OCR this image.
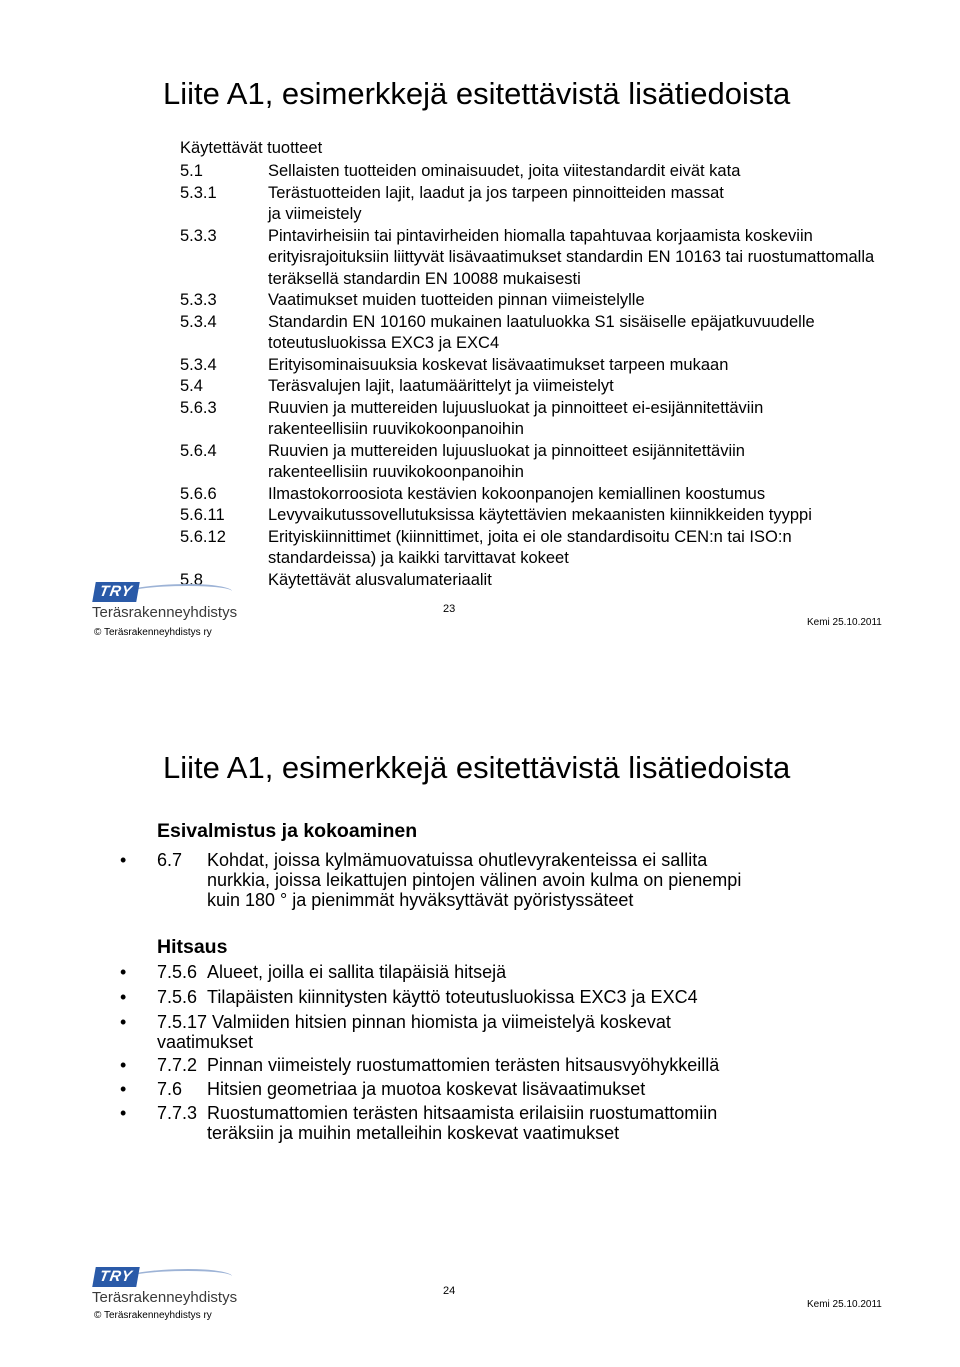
Liite A1, esimerkkejä esitettävistä lisätiedoista
Käytettävät tuotteet
5.1	Sellaisten tuotteiden ominaisuudet, joita viitestandardit eivät kata
5.3.1	Terästuotteiden lajit, laadut ja jos tarpeen pinnoitteiden massat ja viimeistely
5.3.3	Pintavirheisiin tai pintavirheiden hiomalla tapahtuvaa korjaamista koskeviin erityisrajoituksiin liittyvät lisävaatimukset standardin EN 10163 tai ruostumattomalla teräksellä standardin EN 10088 mukaisesti
5.3.3	Vaatimukset muiden tuotteiden pinnan viimeistelylle
5.3.4	Standardin EN 10160 mukainen laatuluokka S1 sisäiselle epäjatkuvuudelle toteutusluokissa EXC3 ja EXC4
5.3.4	Erityisominaisuuksia koskevat lisävaatimukset tarpeen mukaan
5.4	Teräsvalujen lajit, laatumäärittelyt ja viimeistelyt
5.6.3	Ruuvien ja muttereiden lujuusluokat ja pinnoitteet ei-esijännitettäviin rakenteellisiin ruuvikokoonpanoihin
5.6.4	Ruuvien ja muttereiden lujuusluokat ja pinnoitteet esijännitettäviin rakenteellisiin ruuvikokoonpanoihin
5.6.6	Ilmastokorroosiota kestävien kokoonpanojen kemiallinen koostumus
5.6.11	Levyvaikutussovellutuksissa käytettävien mekaanisten kiinnikkeiden tyyppi
5.6.12	Erityiskiinnittimet (kiinnittimet, joita ei ole standardisoitu CEN:n tai ISO:n standardeissa) ja kaikki tarvittavat kokeet
5.8	Käytettävät alusvalumateriaalit
TRY
Teräsrakenneyhdistys
© Teräsrakenneyhdistys ry
23
Kemi 25.10.2011
Liite A1, esimerkkejä esitettävistä lisätiedoista
Esivalmistus ja kokoaminen
•	6.7 Kohdat, joissa kylmämuovatuissa ohutlevyrakenteissa ei sallita
nurkkia, joissa leikattujen pintojen välinen avoin kulma on pienempi
kuin 180 ° ja pienimmät hyväksyttävät pyöristyssäteet
Hitsaus
•	7.5.6 Alueet, joilla ei sallita tilapäisiä hitsejä
•	7.5.6 Tilapäisten kiinnitysten käyttö toteutusluokissa EXC3 ja EXC4
•	7.5.17 Valmiiden hitsien pinnan hiomista ja viimeistelyä koskevat
vaatimukset
•	7.7.2 Pinnan viimeistely ruostumattomien terästen hitsausvyöhykkeillä
•	7.6 Hitsien geometriaa ja muotoa koskevat lisävaatimukset
•	7.7.3 Ruostumattomien terästen hitsaamista erilaisiin ruostumattomiin
teräksiin ja muihin metalleihin koskevat vaatimukset
TRY
Teräsrakenneyhdistys
© Teräsrakenneyhdistys ry
24
Kemi 25.10.2011
